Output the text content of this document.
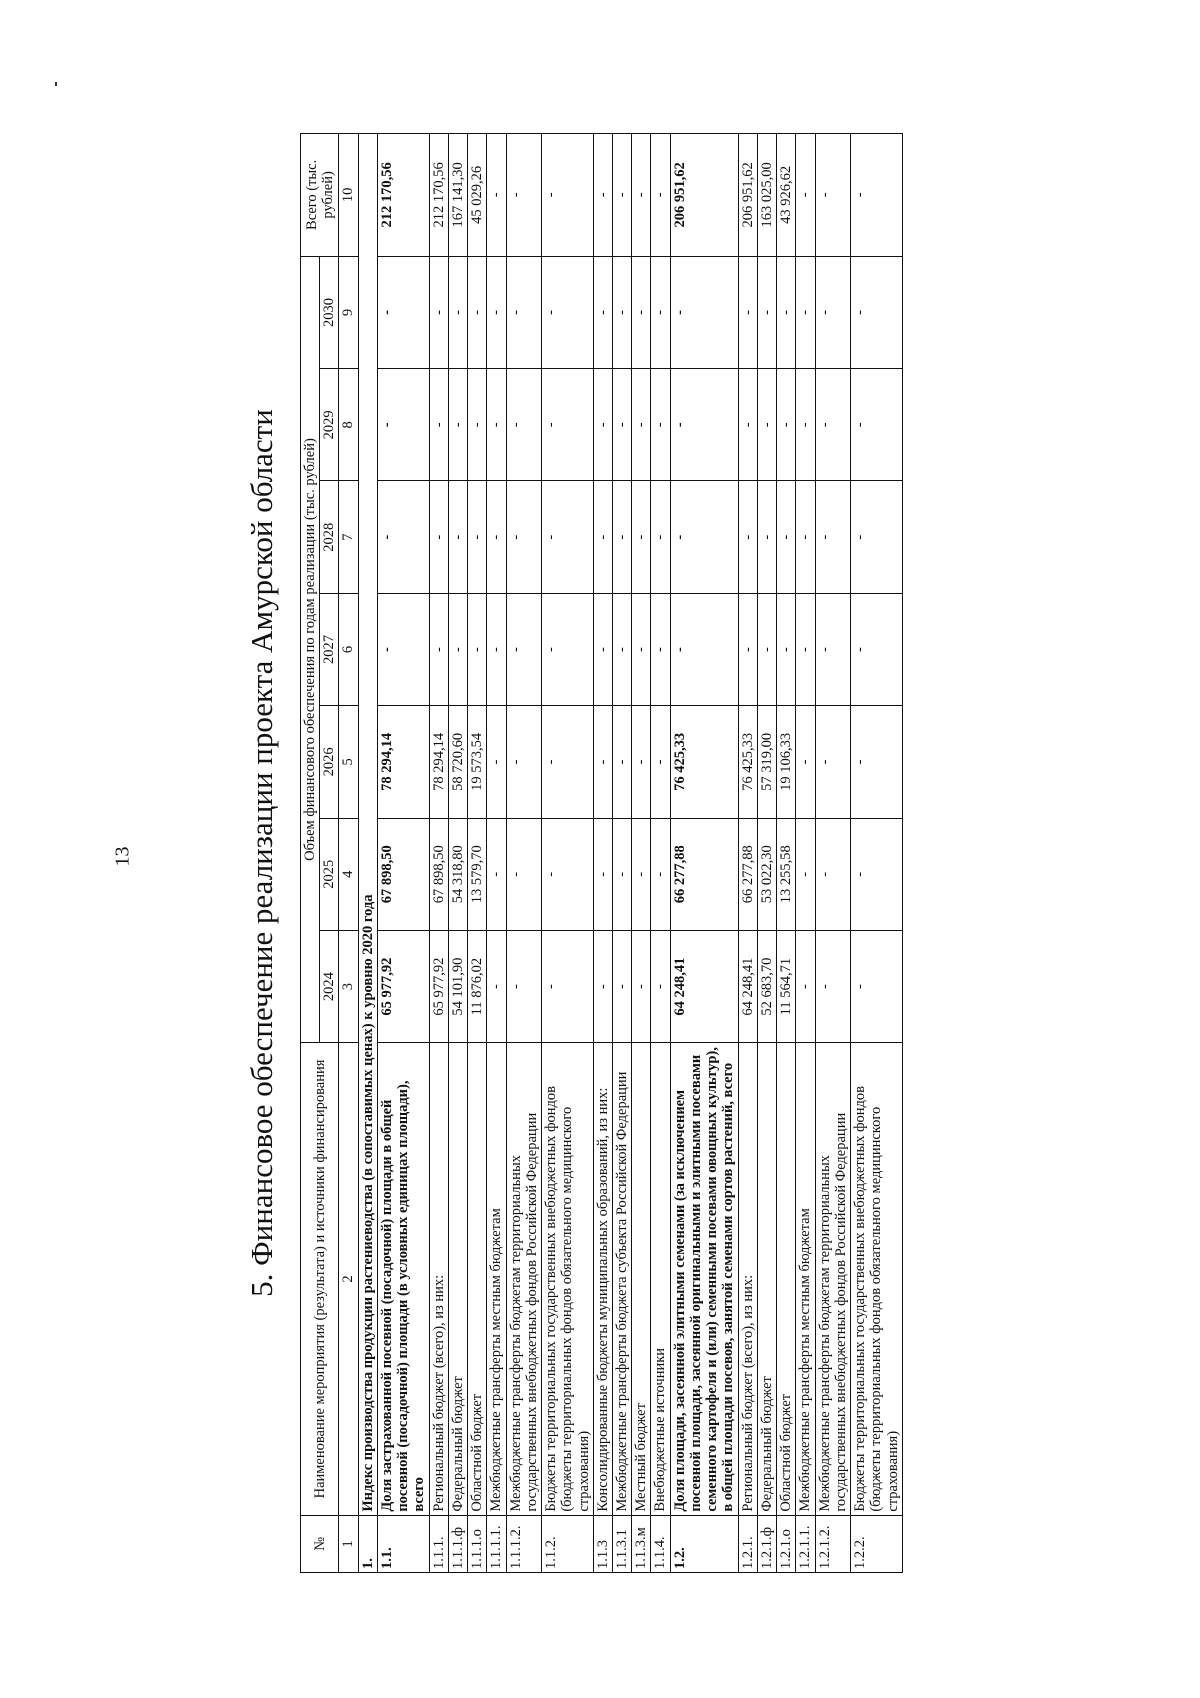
13	5. Финансовое обеспечение реализации проекта Амурской области
№	Наименование мероприятия (результата) и источники финансирования	Объем финансового обеспечения по годам реализации (тыс. рублей)							Всего (тыс. рублей)
		2024	2025	2026	2027	2028	2029	2030	
1	2	3	4	5	6	7	8	9	10
1.	Индекс производства продукции растениеводства (в сопоставимых ценах) к уровню 2020 года								
1.1.	Доля застрахованной посевной (посадочной) площади в общей посевной (посадочной) площади (в условных единицах площади), всего	65 977,92	67 898,50	78 294,14	-	-	-	-	212 170,56
1.1.1.	Региональный бюджет (всего), из них:	65 977,92	67 898,50	78 294,14	-	-	-	-	212 170,56
1.1.1.ф	Федеральный бюджет	54 101,90	54 318,80	58 720,60	-	-	-	-	167 141,30
1.1.1.о	Областной бюджет	11 876,02	13 579,70	19 573,54	-	-	-	-	45 029,26
1.1.1.1.	Межбюджетные трансферты местным бюджетам	-	-	-	-	-	-	-	-
1.1.1.2.	Межбюджетные трансферты бюджетам территориальных государственных внебюджетных фондов Российской Федерации	-	-	-	-	-	-	-	-
1.1.2.	Бюджеты территориальных государственных внебюджетных фондов (бюджеты территориальных фондов обязательного медицинского страхования)	-	-	-	-	-	-	-	-
1.1.3	Консолидированные бюджеты муниципальных образований, из них:	-	-	-	-	-	-	-	-
1.1.3.1	Межбюджетные трансферты бюджета субъекта Российской Федерации	-	-	-	-	-	-	-	-
1.1.3.м	Местный бюджет	-	-	-	-	-	-	-	-
1.1.4.	Внебюджетные источники	-	-	-	-	-	-	-	-
1.2.	Доля площади, засеянной элитными семенами (за исключением посевной площади, засеянной оригинальными и элитными посевами семенного картофеля и (или) семенными посевами овощных культур), в общей площади посевов, занятой семенами сортов растений, всего	64 248,41	66 277,88	76 425,33	-	-	-	-	206 951,62
1.2.1.	Региональный бюджет (всего), из них:	64 248,41	66 277,88	76 425,33	-	-	-	-	206 951,62
1.2.1.ф	Федеральный бюджет	52 683,70	53 022,30	57 319,00	-	-	-	-	163 025,00
1.2.1.о	Областной бюджет	11 564,71	13 255,58	19 106,33	-	-	-	-	43 926,62
1.2.1.1.	Межбюджетные трансферты местным бюджетам	-	-	-	-	-	-	-	-
1.2.1.2.	Межбюджетные трансферты бюджетам территориальных государственных внебюджетных фондов Российской Федерации	-	-	-	-	-	-	-	-
1.2.2.	Бюджеты территориальных государственных внебюджетных фондов (бюджеты территориальных фондов обязательного медицинского страхования)	-	-	-	-	-	-	-	-
